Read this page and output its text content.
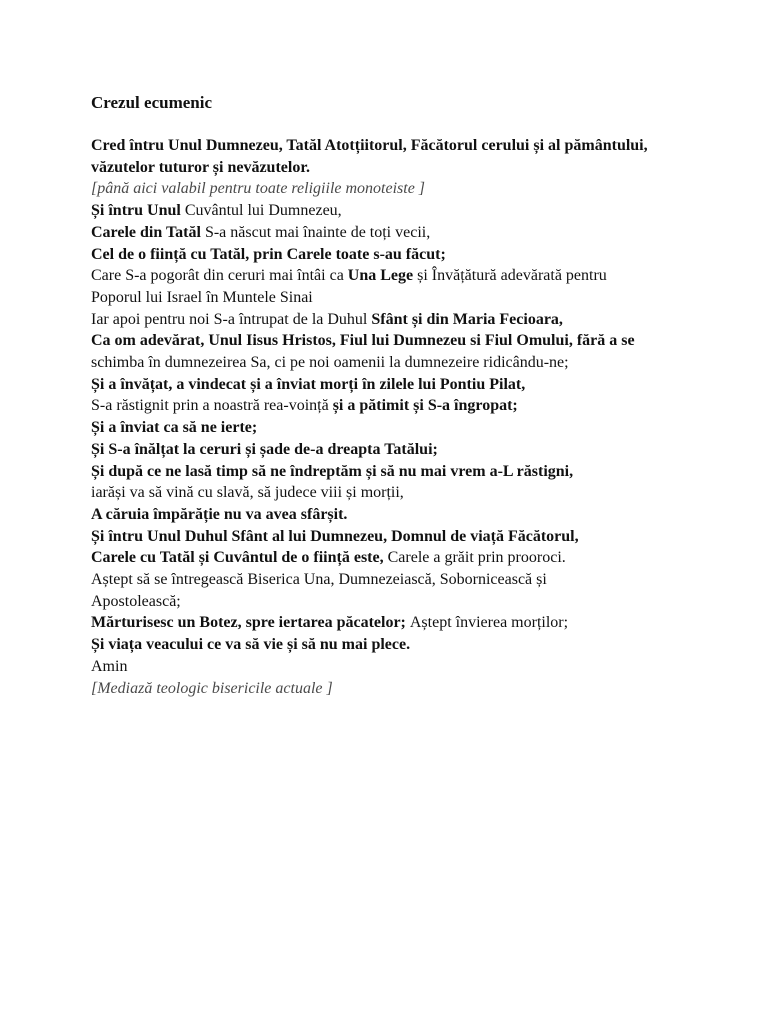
Crezul ecumenic
Cred întru Unul Dumnezeu, Tatăl Atotțiitorul, Făcătorul cerului și al pământului,
văzutelor tuturor și nevăzutelor.
[până aici valabil pentru toate religiile monoteiste ]
Și întru Unul Cuvântul lui Dumnezeu,
Carele din Tatăl S-a născut mai înainte de toți vecii,
Cel de o ființă cu Tatăl, prin Carele toate s-au făcut;
Care S-a pogorât din ceruri mai întâi ca Una Lege și Învățătură adevărată pentru
Poporul lui Israel în Muntele Sinai
Iar apoi pentru noi S-a întrupat de la Duhul Sfânt și din Maria Fecioara,
Ca om adevărat, Unul Iisus Hristos, Fiul lui Dumnezeu si Fiul Omului, fără a se
schimba în dumnezeirea Sa, ci pe noi oamenii la dumnezeire ridicându-ne;
Și a învățat, a vindecat și a înviat morți în zilele lui Pontiu Pilat,
S-a răstignit prin a noastră rea-voință și a pătimit și S-a îngropat;
Și a înviat ca să ne ierte;
Și S-a înălțat la ceruri și șade de-a dreapta Tatălui;
Și după ce ne lasă timp să ne îndreptăm și să nu mai vrem a-L răstigni,
iarăși va să vină cu slavă, să judece viii și morții,
A căruia împărăție nu va avea sfârșit.
Și întru Unul Duhul Sfânt al lui Dumnezeu, Domnul de viață Făcătorul,
Carele cu Tatăl și Cuvântul de o ființă este, Carele a grăit prin prooroci.
Aștept să se întregească Biserica Una, Dumnezeiască, Sobornicească și
Apostolească;
Mărturisesc un Botez, spre iertarea păcatelor; Aștept învierea morților;
Și viața veacului ce va să vie și să nu mai plece.
Amin
[Mediază teologic bisericile actuale ]
